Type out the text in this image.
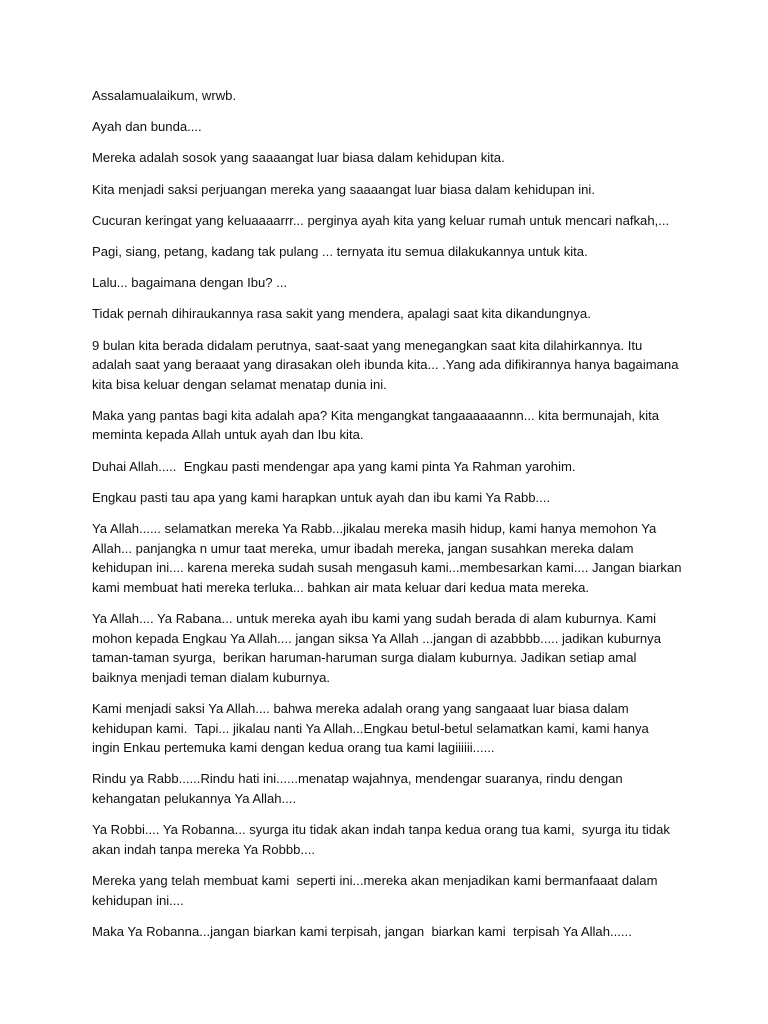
Assalamualaikum, wrwb.

Ayah dan bunda....

Mereka adalah sosok yang saaaangat luar biasa dalam kehidupan kita.

Kita menjadi saksi perjuangan mereka yang saaaangat luar biasa dalam kehidupan ini.

Cucuran keringat yang keluaaaarrr... perginya ayah kita yang keluar rumah untuk mencari nafkah,...

Pagi, siang, petang, kadang tak pulang ... ternyata itu semua dilakukannya untuk kita.

Lalu... bagaimana dengan Ibu? ...

Tidak pernah dihiraukannya rasa sakit yang mendera, apalagi saat kita dikandungnya.

9 bulan kita berada didalam perutnya, saat-saat yang menegangkan saat kita dilahirkannya. Itu
adalah saat yang beraaat yang dirasakan oleh ibunda kita... .Yang ada difikirannya hanya bagaimana
kita bisa keluar dengan selamat menatap dunia ini.

Maka yang pantas bagi kita adalah apa? Kita mengangkat tangaaaaaannn... kita bermunajah, kita
meminta kepada Allah untuk ayah dan Ibu kita.

Duhai Allah.....  Engkau pasti mendengar apa yang kami pinta Ya Rahman yarohim.

Engkau pasti tau apa yang kami harapkan untuk ayah dan ibu kami Ya Rabb....

Ya Allah...... selamatkan mereka Ya Rabb...jikalau mereka masih hidup, kami hanya memohon Ya
Allah... panjangka n umur taat mereka, umur ibadah mereka, jangan susahkan mereka dalam
kehidupan ini.... karena mereka sudah susah mengasuh kami...membesarkan kami.... Jangan biarkan
kami membuat hati mereka terluka... bahkan air mata keluar dari kedua mata mereka.

Ya Allah.... Ya Rabana... untuk mereka ayah ibu kami yang sudah berada di alam kuburnya. Kami
mohon kepada Engkau Ya Allah.... jangan siksa Ya Allah ...jangan di azabbbb..... jadikan kuburnya
taman-taman syurga,  berikan haruman-haruman surga dialam kuburnya. Jadikan setiap amal
baiknya menjadi teman dialam kuburnya.

Kami menjadi saksi Ya Allah.... bahwa mereka adalah orang yang sangaaat luar biasa dalam
kehidupan kami.  Tapi... jikalau nanti Ya Allah...Engkau betul-betul selamatkan kami, kami hanya
ingin Enkau pertemuka kami dengan kedua orang tua kami lagiiiiii......

Rindu ya Rabb......Rindu hati ini......menatap wajahnya, mendengar suaranya, rindu dengan
kehangatan pelukannya Ya Allah....

Ya Robbi.... Ya Robanna... syurga itu tidak akan indah tanpa kedua orang tua kami,  syurga itu tidak
akan indah tanpa mereka Ya Robbb....

Mereka yang telah membuat kami  seperti ini...mereka akan menjadikan kami bermanfaaat dalam
kehidupan ini....

Maka Ya Robanna...jangan biarkan kami terpisah, jangan  biarkan kami  terpisah Ya Allah......
